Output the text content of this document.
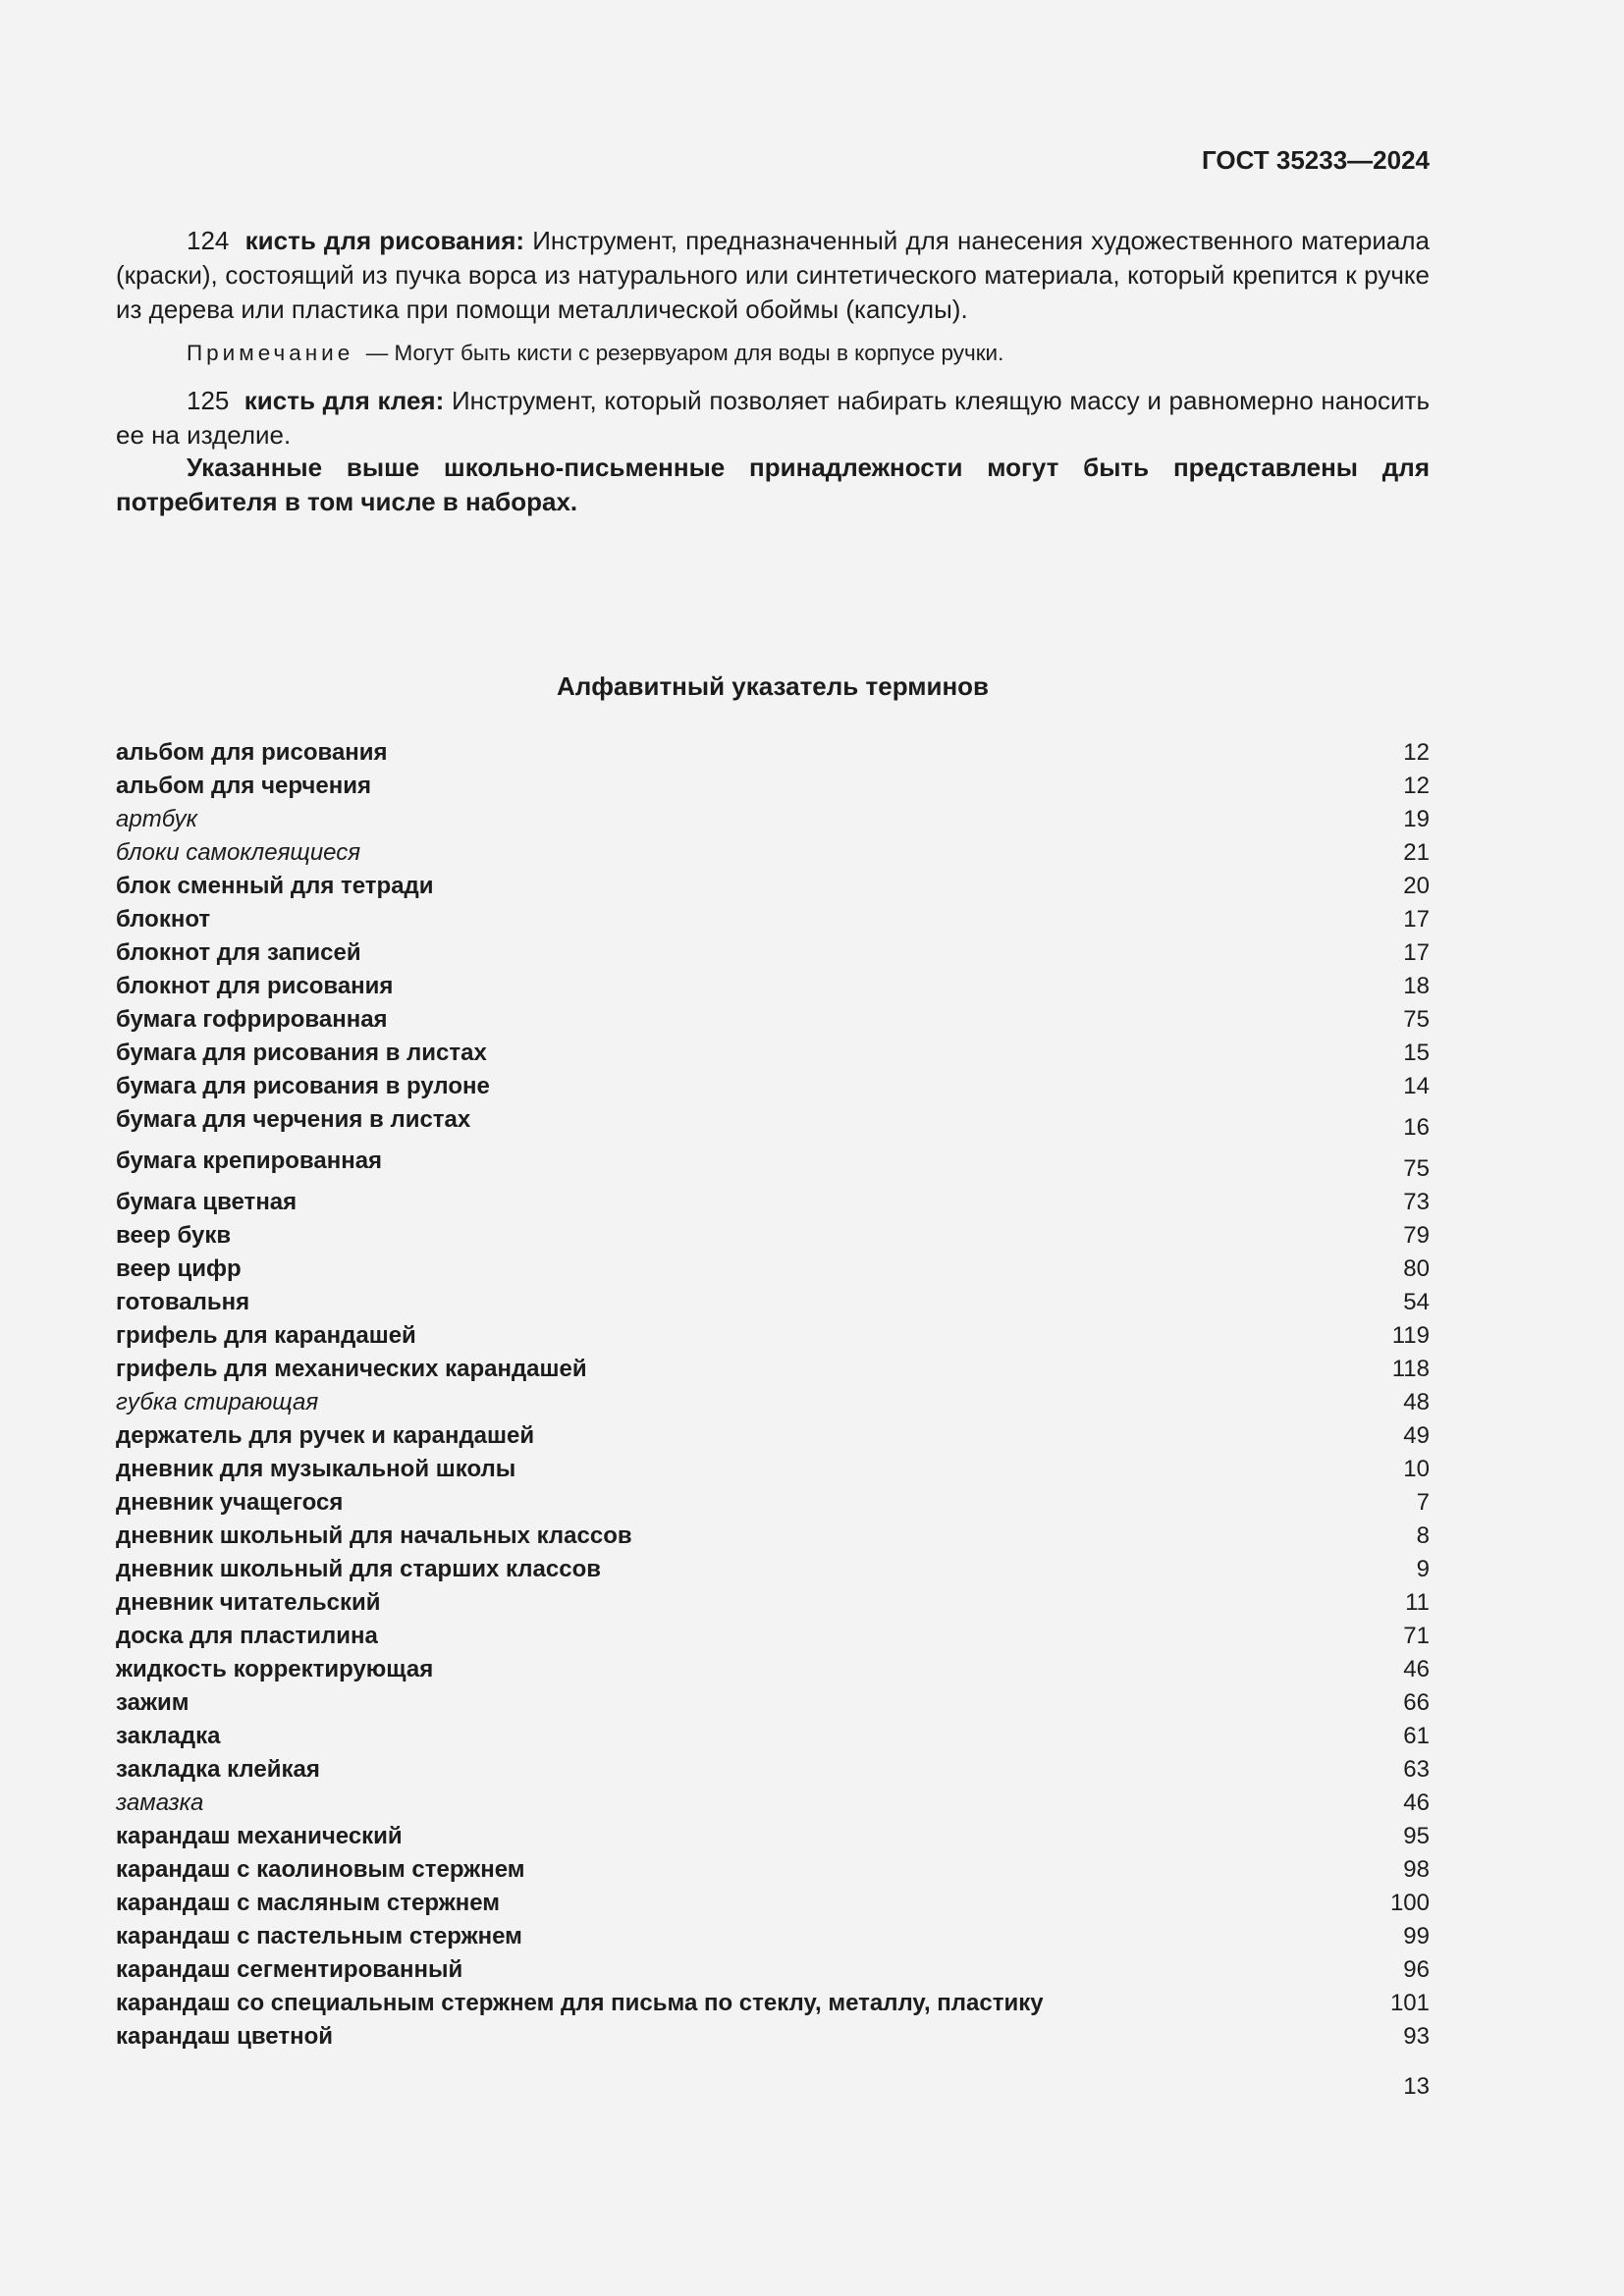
ГОСТ 35233—2024

124 кисть для рисования: Инструмент, предназначенный для нанесения художественного материала (краски), состоящий из пучка ворса из натурального или синтетического материала, который крепится к ручке из дерева или пластика при помощи металлической обоймы (капсулы).

Примечание — Могут быть кисти с резервуаром для воды в корпусе ручки.

125 кисть для клея: Инструмент, который позволяет набирать клеящую массу и равномерно наносить ее на изделие.

Указанные выше школьно-письменные принадлежности могут быть представлены для потребителя в том числе в наборах.

Алфавитный указатель терминов
альбом для рисования	12
альбом для черчения	12
артбук	19
блоки самоклеящиеся	21
блок сменный для тетради	20
блокнот	17
блокнот для записей	17
блокнот для рисования	18
бумага гофрированная	75
бумага для рисования в листах	15
бумага для рисования в рулоне	14
бумага для черчения в листах	16
бумага крепированная	75
бумага цветная	73
веер букв	79
веер цифр	80
готовальня	54
грифель для карандашей	119
грифель для механических карандашей	118
губка стирающая	48
держатель для ручек и карандашей	49
дневник для музыкальной школы	10
дневник учащегося	7
дневник школьный для начальных классов	8
дневник школьный для старших классов	9
дневник читательский	11
доска для пластилина	71
жидкость корректирующая	46
зажим	66
закладка	61
закладка клейкая	63
замазка	46
карандаш механический	95
карандаш с каолиновым стержнем	98
карандаш с масляным стержнем	100
карандаш с пастельным стержнем	99
карандаш сегментированный	96
карандаш со специальным стержнем для письма по стеклу, металлу, пластику	101
карандаш цветной	93
13
